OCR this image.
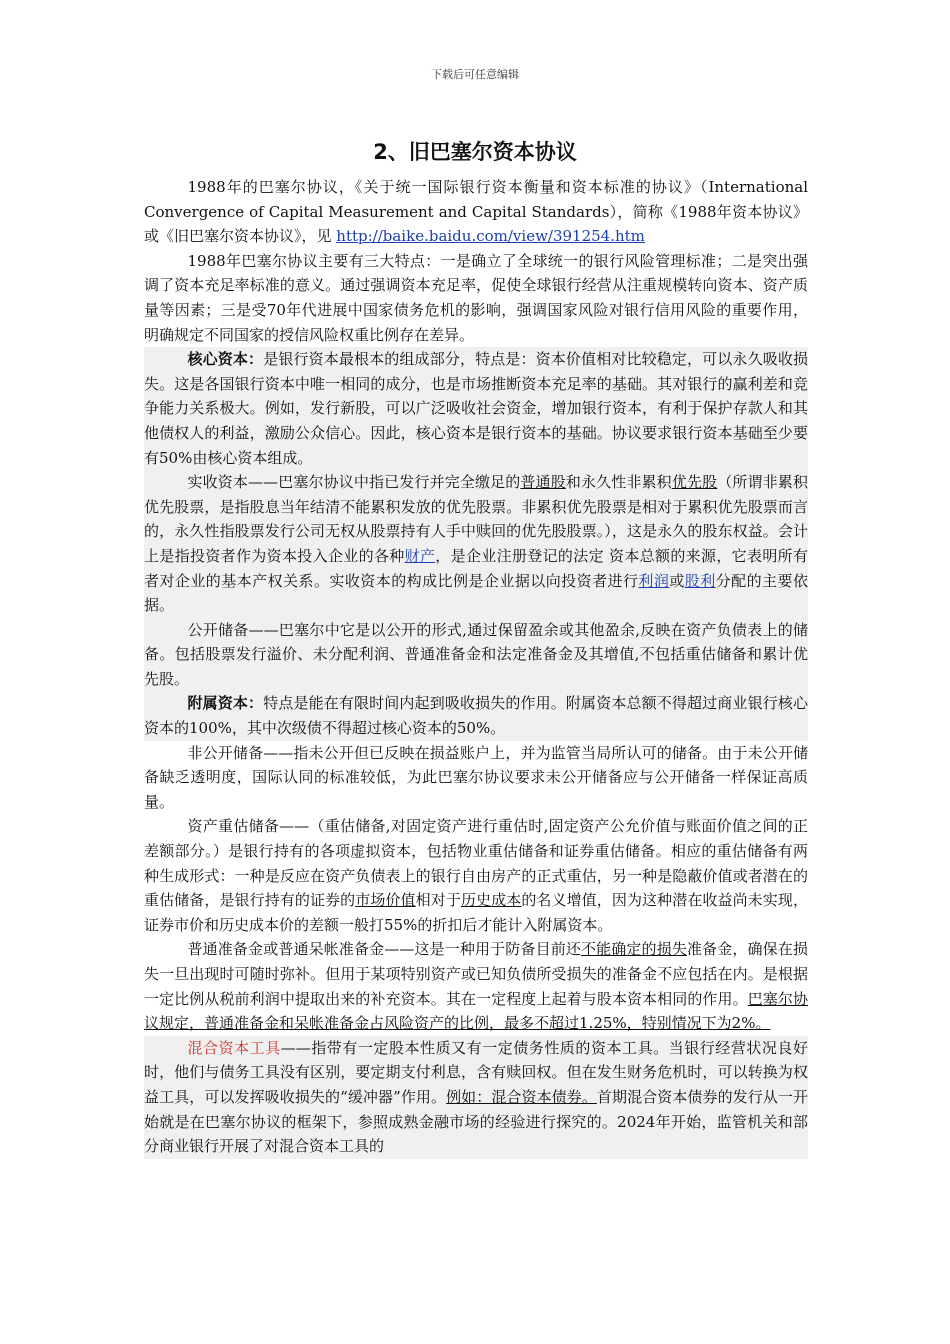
下载后可任意编辑
2、旧巴塞尔资本协议

1988年的巴塞尔协议，《关于统一国际银行资本衡量和资本标准的协议》（International Convergence of Capital Measurement and Capital Standards），简称《1988年资本协议》或《旧巴塞尔资本协议》，见 http://baike.baidu.com/view/391254.htm

1988年巴塞尔协议主要有三大特点：一是确立了全球统一的银行风险管理标准；二是突出强调了资本充足率标准的意义。通过强调资本充足率，促使全球银行经营从注重规模转向资本、资产质量等因素；三是受70年代进展中国家债务危机的影响，强调国家风险对银行信用风险的重要作用，明确规定不同国家的授信风险权重比例存在差异。

核心资本：是银行资本最根本的组成部分，特点是：资本价值相对比较稳定，可以永久吸收损失。这是各国银行资本中唯一相同的成分，也是市场推断资本充足率的基础。其对银行的赢利差和竞争能力关系极大。例如，发行新股，可以广泛吸收社会资金，增加银行资本，有利于保护存款人和其他债权人的利益，激励公众信心。因此，核心资本是银行资本的基础。协议要求银行资本基础至少要有50%由核心资本组成。

实收资本——巴塞尔协议中指已发行并完全缴足的普通股和永久性非累积优先股（所谓非累积优先股票，是指股息当年结清不能累积发放的优先股票。非累积优先股票是相对于累积优先股票而言的，永久性指股票发行公司无权从股票持有人手中赎回的优先股股票。），这是永久的股东权益。会计上是指投资者作为资本投入企业的各种财产，是企业注册登记的法定 资本总额的来源，它表明所有者对企业的基本产权关系。实收资本的构成比例是企业据以向投资者进行利润或股利分配的主要依据。

公开储备——巴塞尔中它是以公开的形式,通过保留盈余或其他盈余,反映在资产负债表上的储备。包括股票发行溢价、未分配利润、普通准备金和法定准备金及其增值,不包括重估储备和累计优先股。

附属资本：特点是能在有限时间内起到吸收损失的作用。附属资本总额不得超过商业银行核心资本的100%，其中次级债不得超过核心资本的50%。

非公开储备——指未公开但已反映在损益账户上，并为监管当局所认可的储备。由于未公开储备缺乏透明度，国际认同的标准较低，为此巴塞尔协议要求未公开储备应与公开储备一样保证高质量。

资产重估储备——（重估储备,对固定资产进行重估时,固定资产公允价值与账面价值之间的正差额部分。）是银行持有的各项虚拟资本，包括物业重估储备和证券重估储备。相应的重估储备有两种生成形式：一种是反应在资产负债表上的银行自由房产的正式重估，另一种是隐蔽价值或者潜在的重估储备，是银行持有的证券的市场价值相对于历史成本的名义增值，因为这种潜在收益尚未实现，证券市价和历史成本价的差额一般打55%的折扣后才能计入附属资本。

普通准备金或普通呆帐准备金——这是一种用于防备目前还不能确定的损失准备金，确保在损失一旦出现时可随时弥补。但用于某项特别资产或已知负债所受损失的准备金不应包括在内。是根据一定比例从税前利润中提取出来的补充资本。其在一定程度上起着与股本资本相同的作用。巴塞尔协议规定，普通准备金和呆帐准备金占风险资产的比例，最多不超过1.25%，特别情况下为2%。

混合资本工具——指带有一定股本性质又有一定债务性质的资本工具。当银行经营状况良好时，他们与债务工具没有区别，要定期支付利息，含有赎回权。但在发生财务危机时，可以转换为权益工具，可以发挥吸收损失的“缓冲器”作用。例如：混合资本债券。首期混合资本债券的发行从一开始就是在巴塞尔协议的框架下，参照成熟金融市场的经验进行探究的。2024年开始，监管机关和部分商业银行开展了对混合资本工具的
